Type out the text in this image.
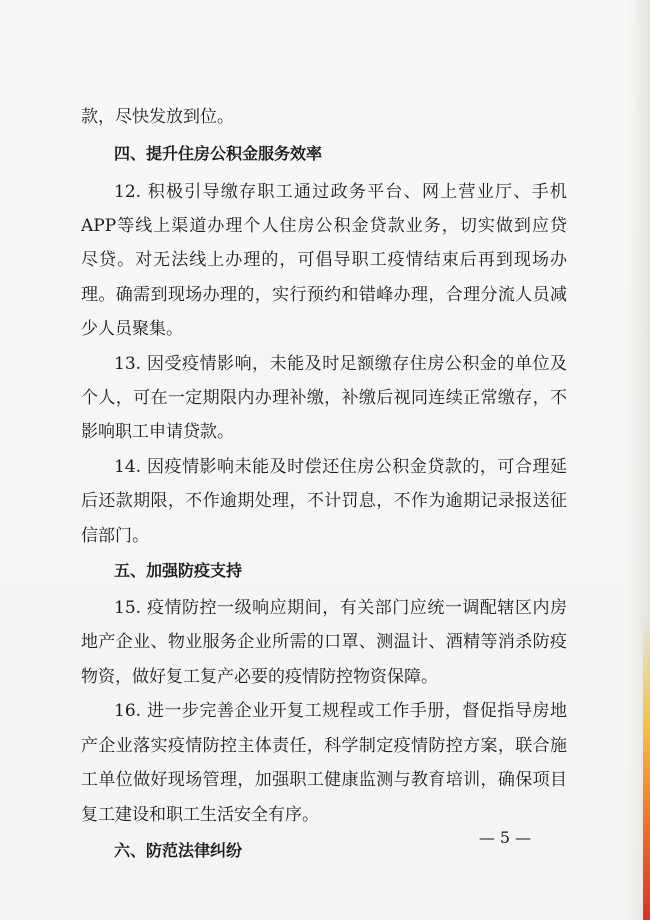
款，尽快发放到位。
四、提升住房公积金服务效率
12. 积极引导缴存职工通过政务平台、网上营业厅、手机
APP等线上渠道办理个人住房公积金贷款业务，切实做到应贷
尽贷。对无法线上办理的，可倡导职工疫情结束后再到现场办
理。确需到现场办理的，实行预约和错峰办理，合理分流人员减
少人员聚集。
13. 因受疫情影响，未能及时足额缴存住房公积金的单位及
个人，可在一定期限内办理补缴，补缴后视同连续正常缴存，不
影响职工申请贷款。
14. 因疫情影响未能及时偿还住房公积金贷款的，可合理延
后还款期限，不作逾期处理，不计罚息，不作为逾期记录报送征
信部门。
五、加强防疫支持
15. 疫情防控一级响应期间，有关部门应统一调配辖区内房
地产企业、物业服务企业所需的口罩、测温计、酒精等消杀防疫
物资，做好复工复产必要的疫情防控物资保障。
16. 进一步完善企业开复工规程或工作手册，督促指导房地
产企业落实疫情防控主体责任，科学制定疫情防控方案，联合施
工单位做好现场管理，加强职工健康监测与教育培训，确保项目
复工建设和职工生活安全有序。
六、防范法律纠纷
— 5 —
